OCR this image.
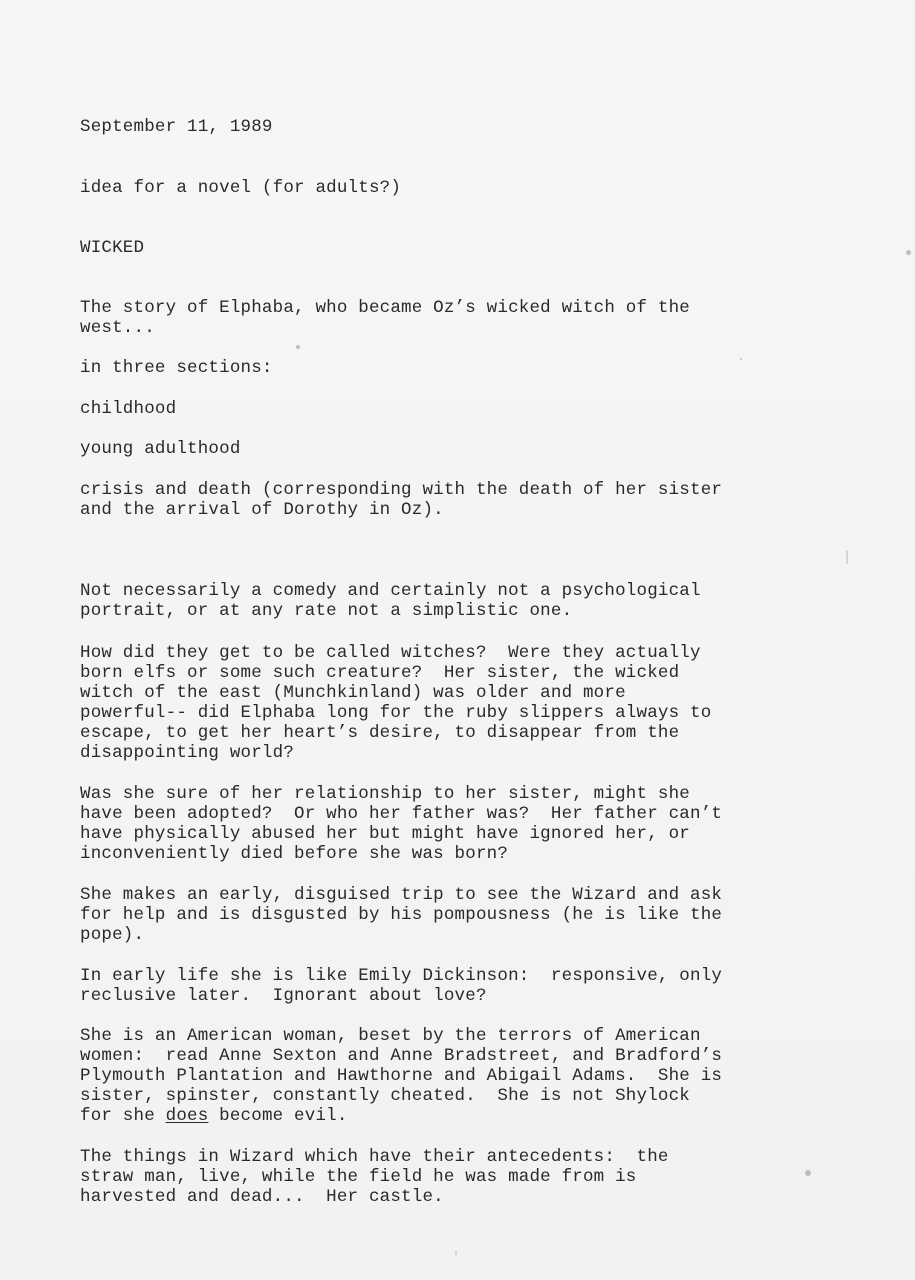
September 11, 1989
idea for a novel (for adults?)
WICKED
The story of Elphaba, who became Oz’s wicked witch of the
west...
in three sections:
childhood
young adulthood
crisis and death (corresponding with the death of her sister
and the arrival of Dorothy in Oz).
Not necessarily a comedy and certainly not a psychological
portrait, or at any rate not a simplistic one.
How did they get to be called witches?  Were they actually
born elfs or some such creature?  Her sister, the wicked
witch of the east (Munchkinland) was older and more
powerful-- did Elphaba long for the ruby slippers always to
escape, to get her heart’s desire, to disappear from the
disappointing world?
Was she sure of her relationship to her sister, might she
have been adopted?  Or who her father was?  Her father can’t
have physically abused her but might have ignored her, or
inconveniently died before she was born?
She makes an early, disguised trip to see the Wizard and ask
for help and is disgusted by his pompousness (he is like the
pope).
In early life she is like Emily Dickinson:  responsive, only
reclusive later.  Ignorant about love?
She is an American woman, beset by the terrors of American
women:  read Anne Sexton and Anne Bradstreet, and Bradford’s
Plymouth Plantation and Hawthorne and Abigail Adams.  She is
sister, spinster, constantly cheated.  She is not Shylock
for she does become evil.
The things in Wizard which have their antecedents:  the
straw man, live, while the field he was made from is
harvested and dead...  Her castle.
